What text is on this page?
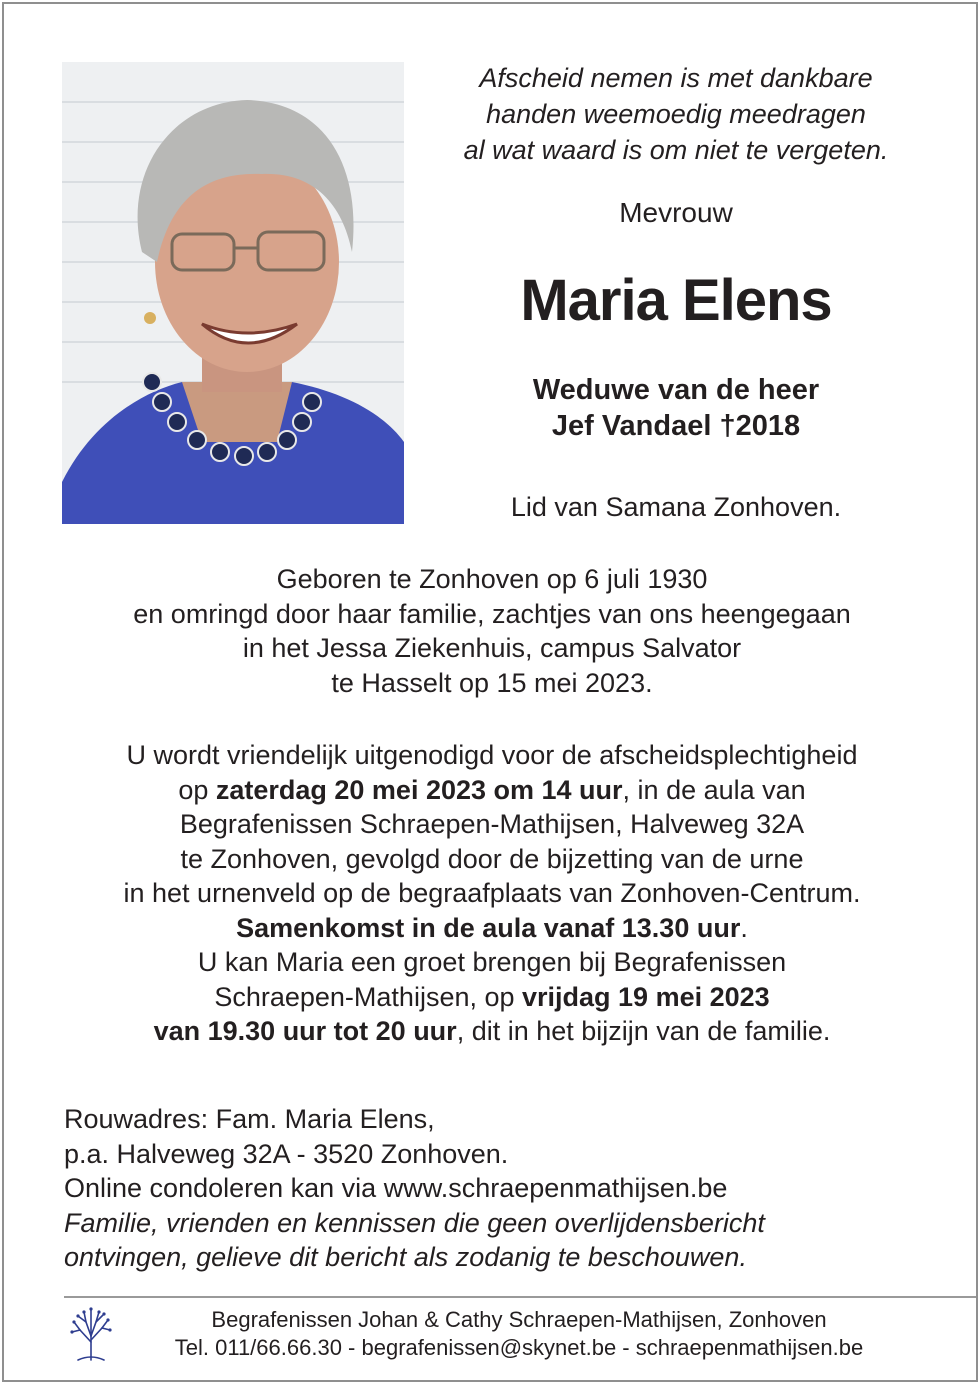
Afscheid nemen is met dankbare
handen weemoedig meedragen
al wat waard is om niet te vergeten.
Mevrouw
Maria Elens
Weduwe van de heer
Jef Vandael †2018
Lid van Samana Zonhoven.
Geboren te Zonhoven op 6 juli 1930
en omringd door haar familie, zachtjes van ons heengegaan
in het Jessa Ziekenhuis, campus Salvator
te Hasselt op 15 mei 2023.
U wordt vriendelijk uitgenodigd voor de afscheidsplechtigheid
op zaterdag 20 mei 2023 om 14 uur, in de aula van
Begrafenissen Schraepen-Mathijsen, Halveweg 32A
te Zonhoven, gevolgd door de bijzetting van de urne
in het urnenveld op de begraafplaats van Zonhoven-Centrum.
Samenkomst in de aula vanaf 13.30 uur.
U kan Maria een groet brengen bij Begrafenissen
Schraepen-Mathijsen, op vrijdag 19 mei 2023
van 19.30 uur tot 20 uur, dit in het bijzijn van de familie.
Rouwadres: Fam. Maria Elens,
p.a. Halveweg 32A - 3520 Zonhoven.
Online condoleren kan via www.schraepenmathijsen.be
Familie, vrienden en kennissen die geen overlijdensbericht
ontvingen, gelieve dit bericht als zodanig te beschouwen.
Begrafenissen Johan & Cathy Schraepen-Mathijsen, Zonhoven
Tel. 011/66.66.30 - begrafenissen@skynet.be - schraepenmathijsen.be
